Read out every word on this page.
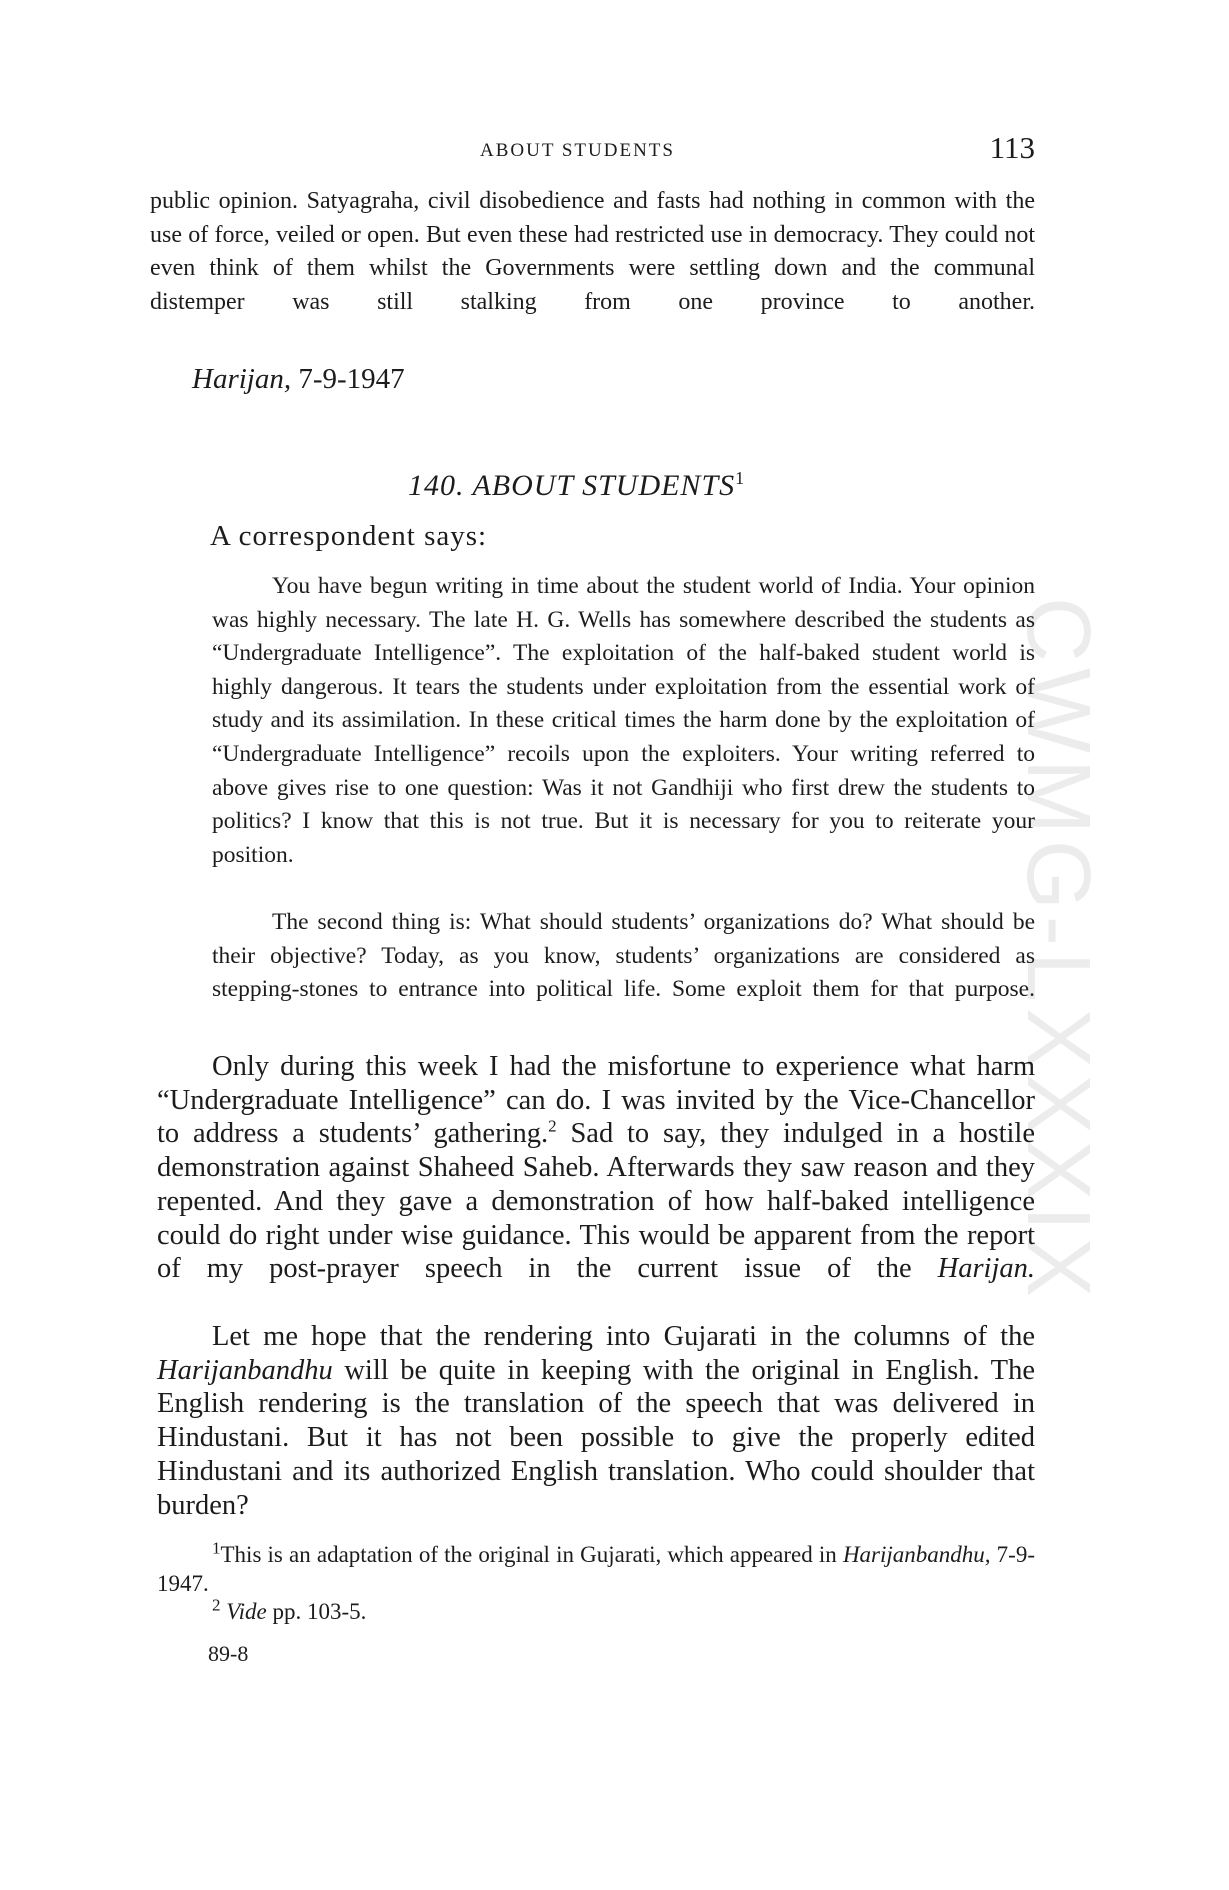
CWMG-LXXXIX
ABOUT STUDENTS	113

public opinion. Satyagraha, civil disobedience and fasts had nothing in common with the use of force, veiled or open. But even these had restricted use in democracy. They could not even think of them whilst the Governments were settling down and the communal distemper was still stalking from one province to another.

Harijan, 7-9-1947
140. ABOUT STUDENTS$^1$
A correspondent says:

You have begun writing in time about the student world of India. Your opinion was highly necessary. The late H. G. Wells has somewhere described the students as “Undergraduate Intelligence”. The exploitation of the half-baked student world is highly dangerous. It tears the students under exploitation from the essential work of study and its assimilation. In these critical times the harm done by the exploitation of “Undergraduate Intelligence” recoils upon the exploiters. Your writing referred to above gives rise to one question: Was it not Gandhiji who first drew the students to politics? I know that this is not true. But it is necessary for you to reiterate your position.

The second thing is: What should students’ organizations do? What should be their objective? Today, as you know, students’ organizations are considered as stepping-stones to entrance into political life. Some exploit them for that purpose.

Only during this week I had the misfortune to experience what harm “Undergraduate Intelligence” can do. I was invited by the Vice-Chancellor to address a students’ gathering.$^2$ Sad to say, they indulged in a hostile demonstration against Shaheed Saheb. Afterwards they saw reason and they repented. And they gave a demonstration of how half-baked intelligence could do right under wise guidance. This would be apparent from the report of my post-prayer speech in the current issue of the Harijan.

Let me hope that the rendering into Gujarati in the columns of the Harijanbandhu will be quite in keeping with the original in English. The English rendering is the translation of the speech that was delivered in Hindustani. But it has not been possible to give the properly edited Hindustani and its authorized English translation. Who could shoulder that burden?

$^1$This is an adaptation of the original in Gujarati, which appeared in Harijanbandhu, 7-9-1947.

$^2$ Vide pp. 103-5.
89-8
